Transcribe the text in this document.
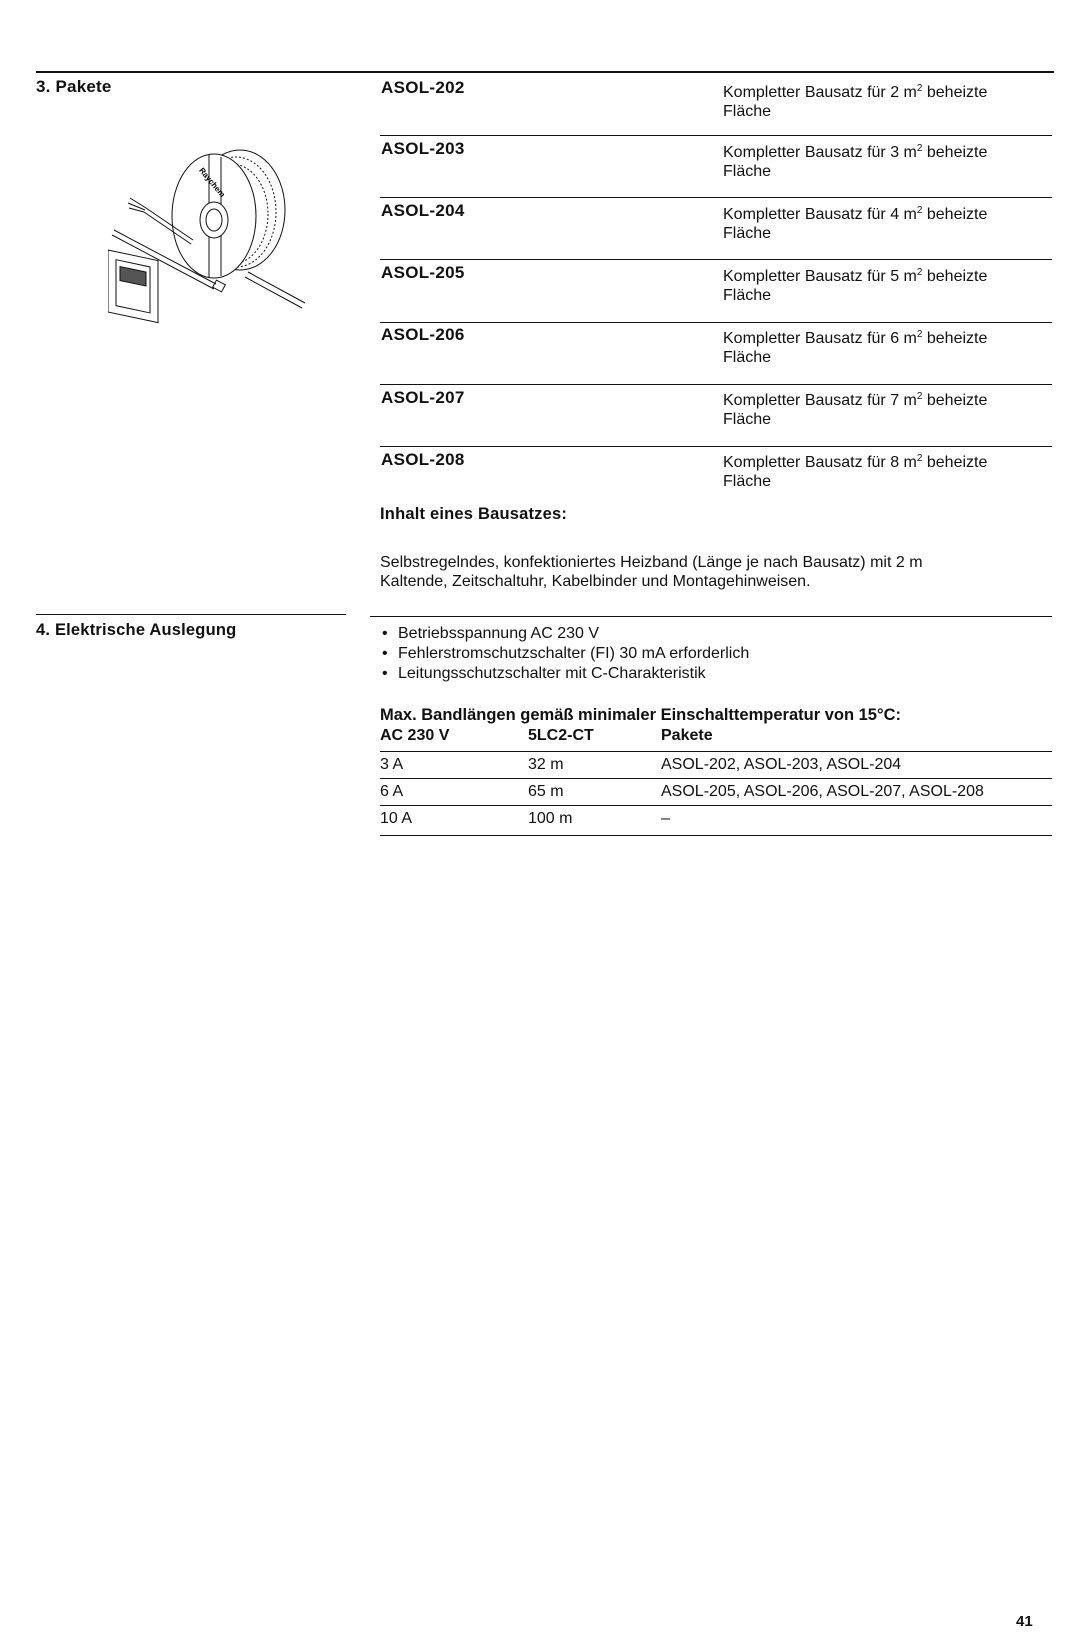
3. Pakete
Raychem
ASOL-202	Kompletter Bausatz für 2 $m^2$ beheizte
Fläche
ASOL-203	Kompletter Bausatz für 3 $m^2$ beheizte
Fläche
ASOL-204	Kompletter Bausatz für 4 $m^2$ beheizte
Fläche
ASOL-205	Kompletter Bausatz für 5 $m^2$ beheizte
Fläche
ASOL-206	Kompletter Bausatz für 6 $m^2$ beheizte
Fläche
ASOL-207	Kompletter Bausatz für 7 $m^2$ beheizte
Fläche
ASOL-208	Kompletter Bausatz für 8 $m^2$ beheizte
Fläche
Inhalt eines Bausatzes:
Selbstregelndes, konfektioniertes Heizband (Länge je nach Bausatz) mit 2 m
Kaltende, Zeitschaltuhr, Kabelbinder und Montagehinweisen.
4. Elektrische Auslegung	• Betriebsspannung AC 230 V
• Fehlerstromschutzschalter (FI) 30 mA erforderlich
• Leitungsschutzschalter mit C-Charakteristik
Max. Bandlängen gemäß minimaler Einschalttemperatur von 15°C:
AC 230 V	5LC2-CT	Pakete
3 A	32 m	ASOL-202, ASOL-203, ASOL-204
6 A	65 m	ASOL-205, ASOL-206, ASOL-207, ASOL-208
10 A	100 m	–
41
